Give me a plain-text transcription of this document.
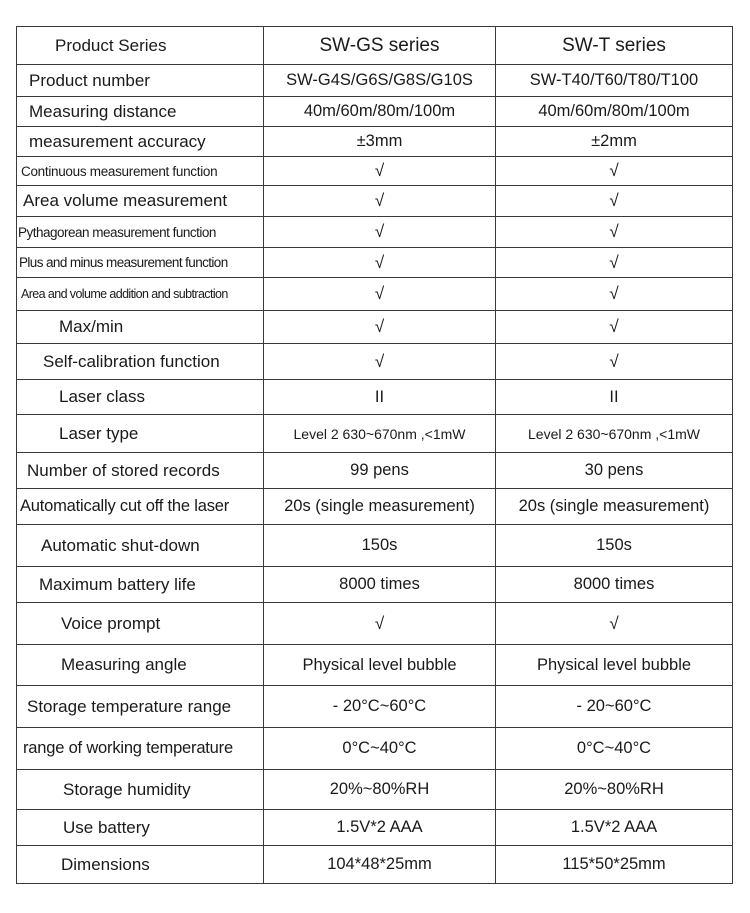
Product Series	SW-GS series	SW-T series
Product number	SW-G4S/G6S/G8S/G10S	SW-T40/T60/T80/T100
Measuring distance	40m/60m/80m/100m	40m/60m/80m/100m
measurement accuracy	±3mm	±2mm
Continuous measurement function	√	√
Area volume measurement	√	√
Pythagorean measurement function	√	√
Plus and minus measurement function	√	√
Area and volume addition and subtraction	√	√
Max/min	√	√
Self-calibration function	√	√
Laser class	II	II
Laser type	Level 2 630~670nm ,<1mW	Level 2 630~670nm ,<1mW
Number of stored records	99 pens	30 pens
Automatically cut off the laser	20s (single measurement)	20s (single measurement)
Automatic shut-down	150s	150s
Maximum battery life	8000 times	8000 times
Voice prompt	√	√
Measuring angle	Physical level bubble	Physical level bubble
Storage temperature range	- 20°C~60°C	- 20~60°C
range of working temperature	0°C~40°C	0°C~40°C
Storage humidity	20%~80%RH	20%~80%RH
Use battery	1.5V*2 AAA	1.5V*2 AAA
Dimensions	104*48*25mm	115*50*25mm
